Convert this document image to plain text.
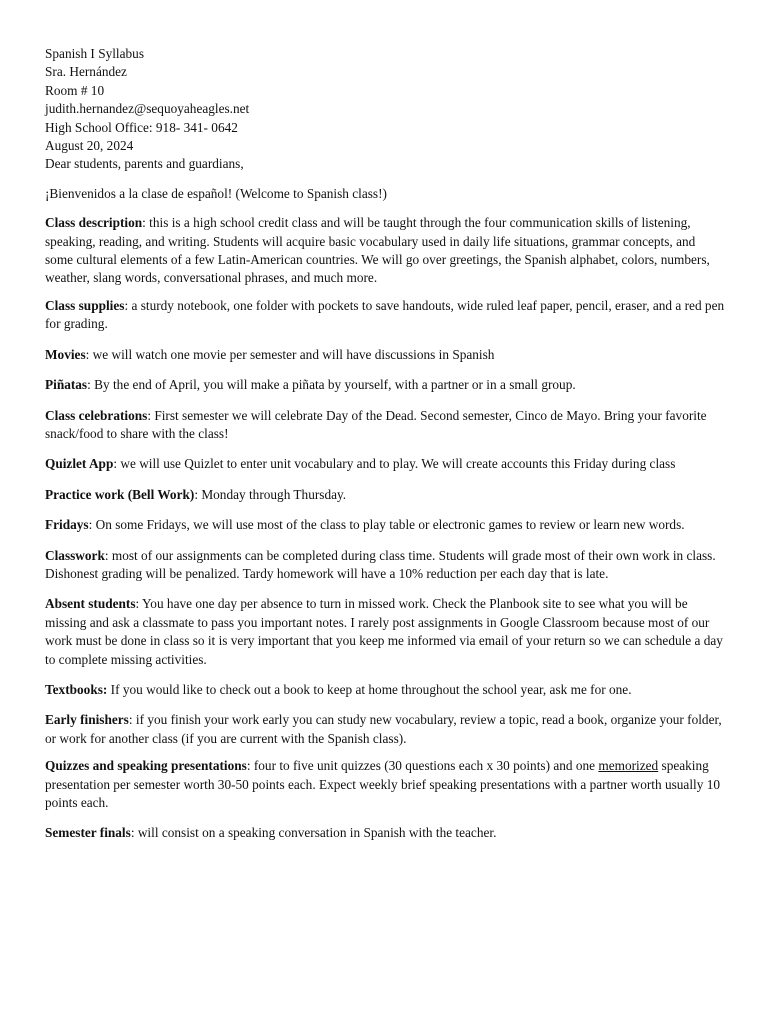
Spanish I Syllabus

Sra. Hernández

Room # 10

judith.hernandez@sequoyaheagles.net

High School Office: 918- 341- 0642

August 20, 2024

Dear students, parents and guardians,

¡Bienvenidos a la clase de español! (Welcome to Spanish class!)

Class description: this is a high school credit class and will be taught through the four communication skills of listening, speaking, reading, and writing. Students will acquire basic vocabulary used in daily life situations, grammar concepts, and some cultural elements of a few Latin-American countries. We will go over greetings, the Spanish alphabet, colors, numbers, weather, slang words, conversational phrases, and much more.

Class supplies: a sturdy notebook, one folder with pockets to save handouts, wide ruled leaf paper, pencil, eraser, and a red pen for grading.

Movies: we will watch one movie per semester and will have discussions in Spanish

Piñatas: By the end of April, you will make a piñata by yourself, with a partner or in a small group.

Class celebrations: First semester we will celebrate Day of the Dead. Second semester, Cinco de Mayo. Bring your favorite snack/food to share with the class!

Quizlet App: we will use Quizlet to enter unit vocabulary and to play. We will create accounts this Friday during class

Practice work (Bell Work): Monday through Thursday.

Fridays: On some Fridays, we will use most of the class to play table or electronic games to review or learn new words.

Classwork: most of our assignments can be completed during class time. Students will grade most of their own work in class. Dishonest grading will be penalized. Tardy homework will have a 10% reduction per each day that is late.

Absent students: You have one day per absence to turn in missed work. Check the Planbook site to see what you will be missing and ask a classmate to pass you important notes. I rarely post assignments in Google Classroom because most of our work must be done in class so it is very important that you keep me informed via email of your return so we can schedule a day to complete missing activities.

Textbooks: If you would like to check out a book to keep at home throughout the school year, ask me for one.

Early finishers: if you finish your work early you can study new vocabulary, review a topic, read a book, organize your folder, or work for another class (if you are current with the Spanish class).

Quizzes and speaking presentations: four to five unit quizzes (30 questions each x 30 points) and one memorized speaking presentation per semester worth 30-50 points each. Expect weekly brief speaking presentations with a partner worth usually 10 points each.

Semester finals: will consist on a speaking conversation in Spanish with the teacher.
